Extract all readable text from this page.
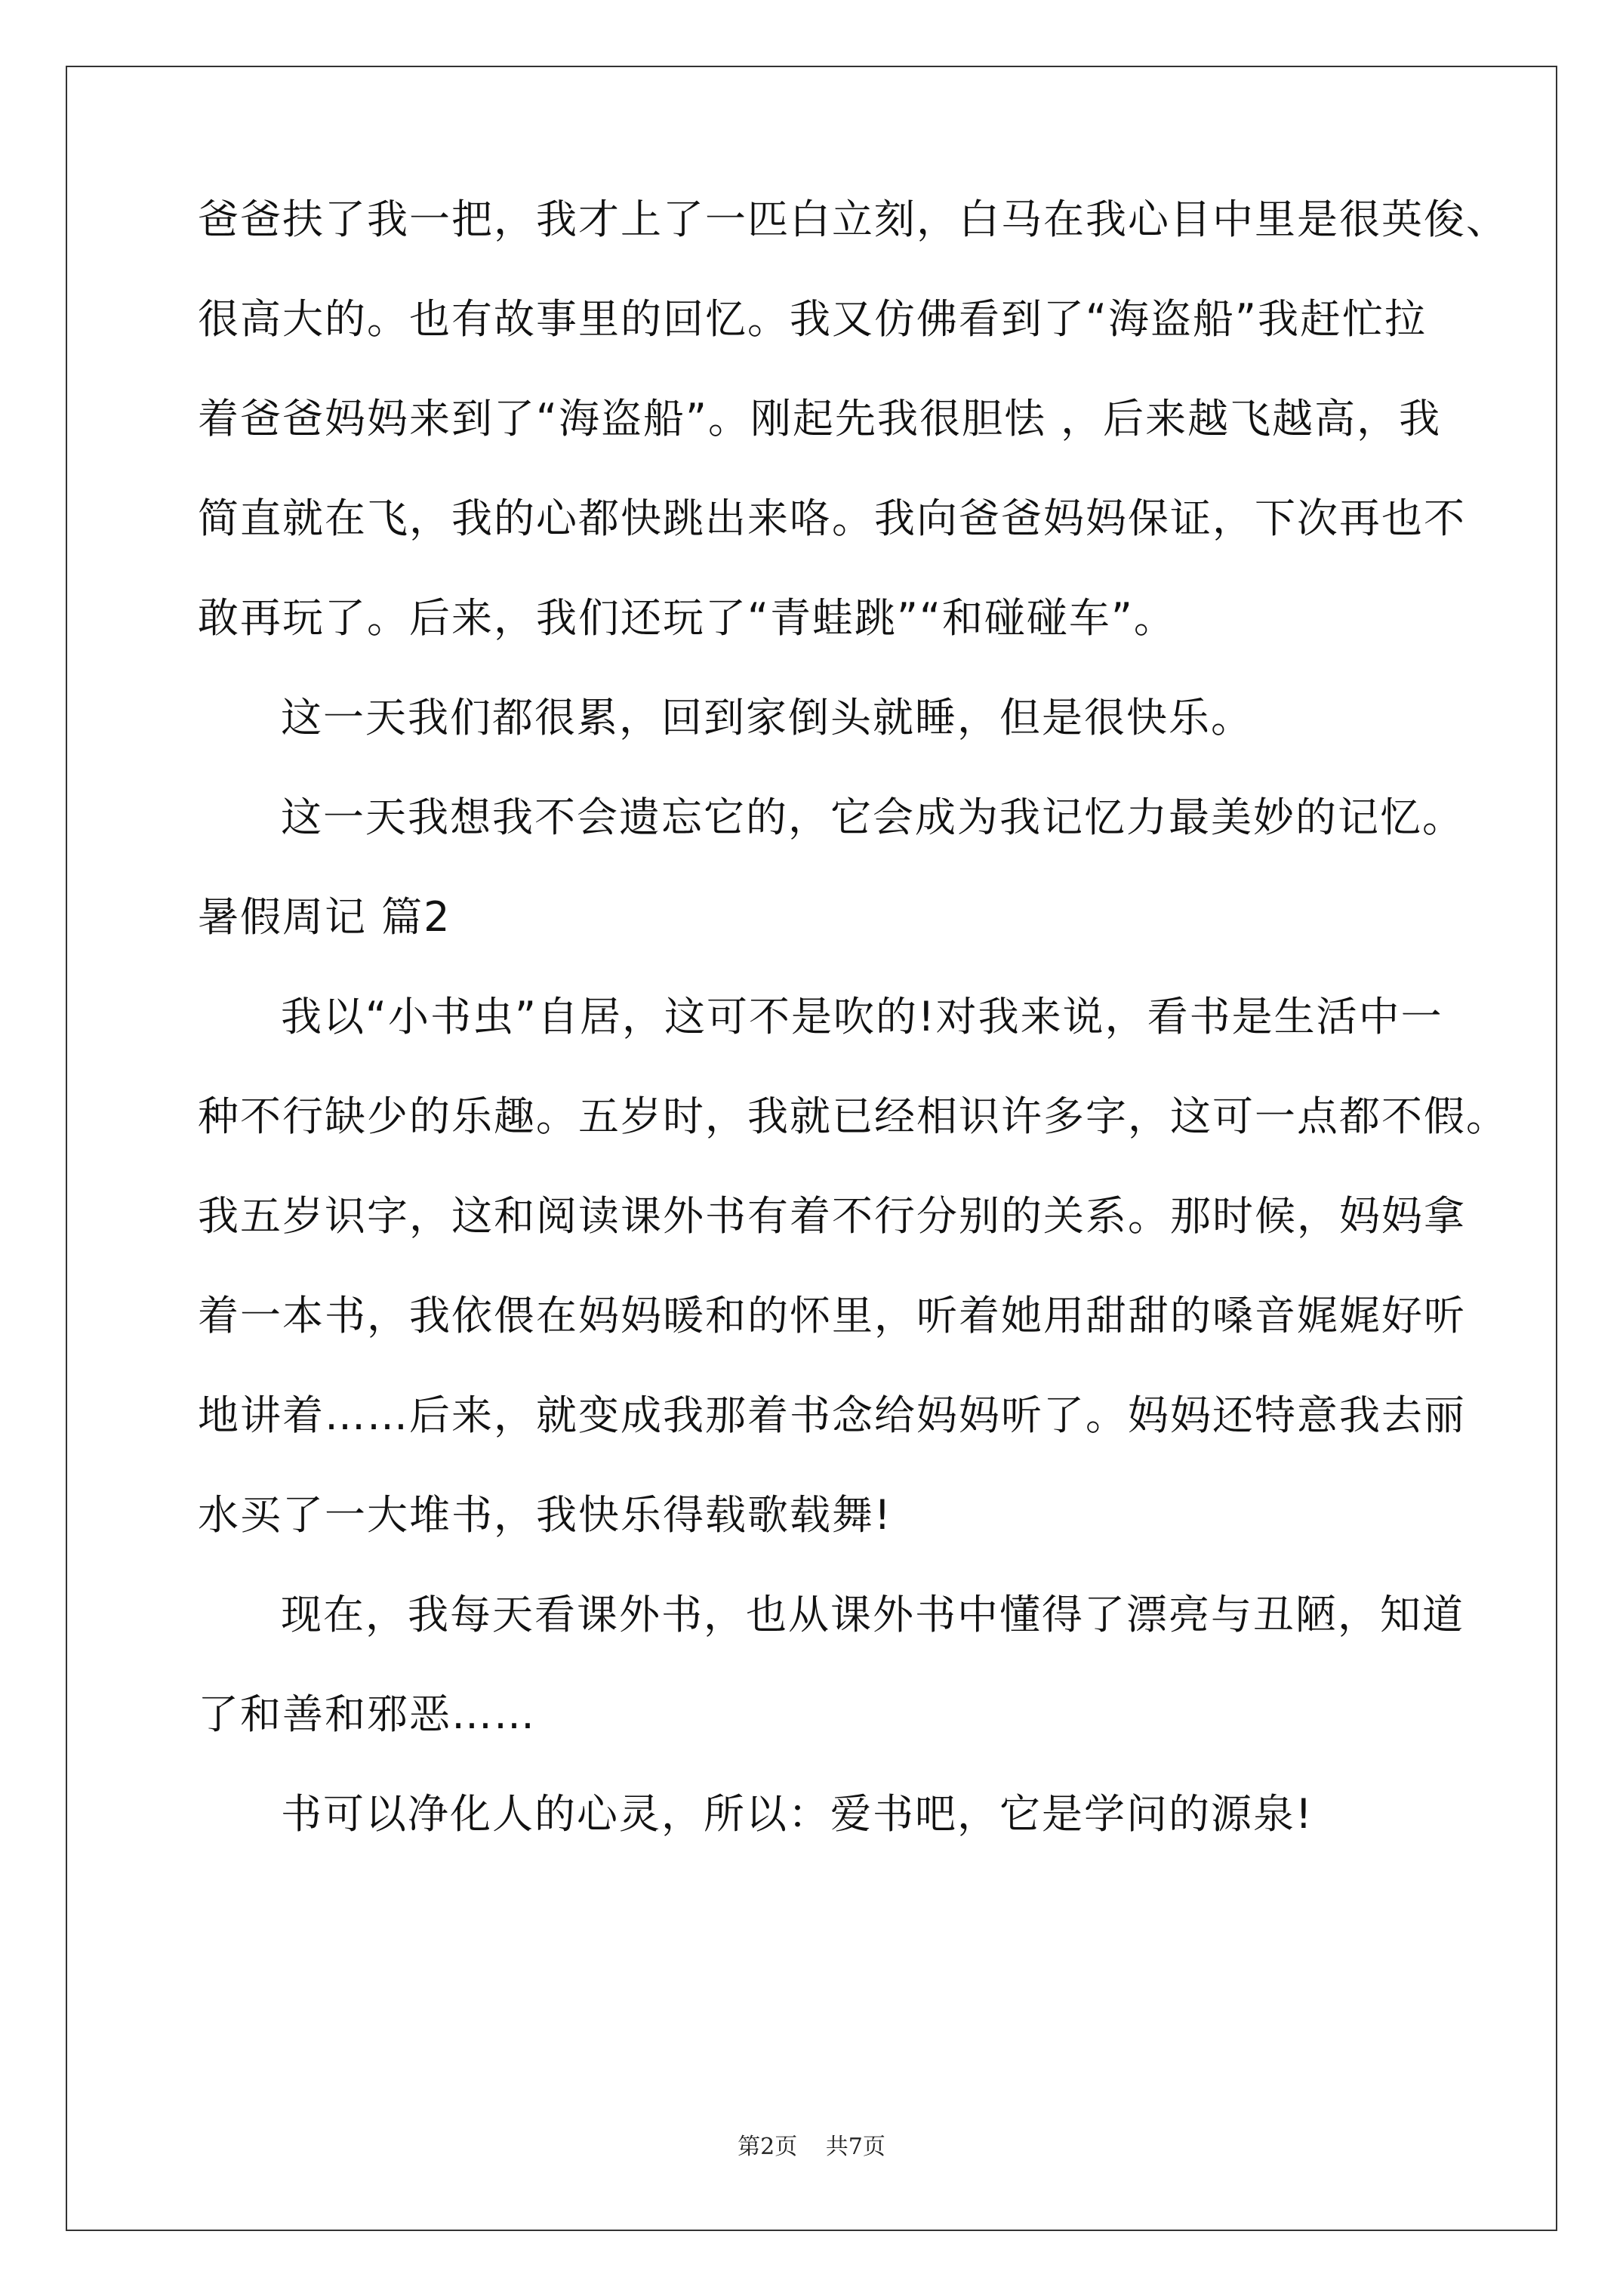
爸爸扶了我一把，我才上了一匹白立刻，白马在我心目中里是很英俊、
很高大的。也有故事里的回忆。我又仿佛看到了“海盗船”我赶忙拉
着爸爸妈妈来到了“海盗船”。刚起先我很胆怯 ，后来越飞越高，我
简直就在飞，我的心都快跳出来咯。我向爸爸妈妈保证，下次再也不
敢再玩了。后来，我们还玩了“青蛙跳”“和碰碰车”。
这一天我们都很累，回到家倒头就睡，但是很快乐。
这一天我想我不会遗忘它的，它会成为我记忆力最美妙的记忆。
暑假周记 篇2
我以“小书虫”自居，这可不是吹的!对我来说，看书是生活中一
种不行缺少的乐趣。五岁时，我就已经相识许多字，这可一点都不假。
我五岁识字，这和阅读课外书有着不行分别的关系。那时候，妈妈拿
着一本书，我依偎在妈妈暖和的怀里，听着她用甜甜的嗓音娓娓好听
地讲着……后来，就变成我那着书念给妈妈听了。妈妈还特意我去丽
水买了一大堆书，我快乐得载歌载舞!
现在，我每天看课外书，也从课外书中懂得了漂亮与丑陋，知道
了和善和邪恶……
书可以净化人的心灵，所以：爱书吧，它是学问的源泉!
第2页 共7页
